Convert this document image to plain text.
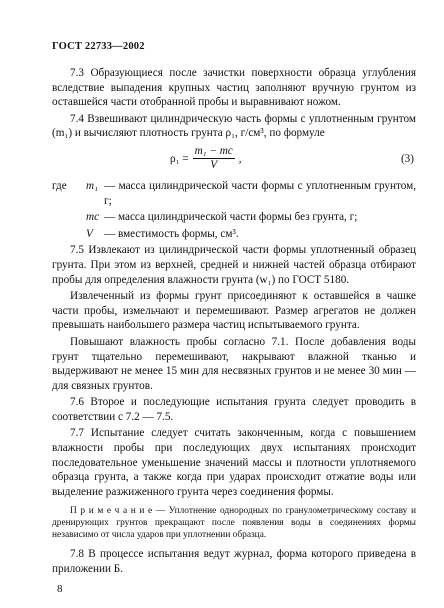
ГОСТ 22733—2002

7.3 Образующиеся после зачистки поверхности образца углубления вследствие выпадения крупных частиц заполняют вручную грунтом из оставшейся части отобранной пробы и выравнивают ножом.

7.4 Взвешивают цилиндрическую часть формы с уплотненным грунтом (m₁) и вычисляют плотность грунта ρ₁, г/см³, по формуле

$\rho_1 = \frac{\text{m₁ − mc}}{V}$ ,	(3)
где	m₁ — масса цилиндрической части формы с уплотненным грунтом, г;
mc — масса цилиндрической части формы без грунта, г;
V — вместимость формы, см³.

7.5 Извлекают из цилиндрической части формы уплотненный образец грунта. При этом из верхней, средней и нижней частей образца отбирают пробы для определения влажности грунта (w₁) по ГОСТ 5180.

Извлеченный из формы грунт присоединяют к оставшейся в чашке части пробы, измельчают и перемешивают. Размер агрегатов не должен превышать наибольшего размера частиц испытываемого грунта.

Повышают влажность пробы согласно 7.1. После добавления воды грунт тщательно перемешивают, накрывают влажной тканью и выдерживают не менее 15 мин для несвязных грунтов и не менее 30 мин — для связных грунтов.

7.6 Второе и последующие испытания грунта следует проводить в соответствии с 7.2 — 7.5.

7.7 Испытание следует считать законченным, когда с повышением влажности пробы при последующих двух испытаниях происходит последовательное уменьшение значений массы и плотности уплотняемого образца грунта, а также когда при ударах происходит отжатие воды или выделение разжиженного грунта через соединения формы.

П р и м е ч а н и е — Уплотнение однородных по гранулометрическому составу и дренирующих грунтов прекращают после появления воды в соединениях формы независимо от числа ударов при уплотнении образца.

7.8 В процессе испытания ведут журнал, форма которого приведена в приложении Б.

8
